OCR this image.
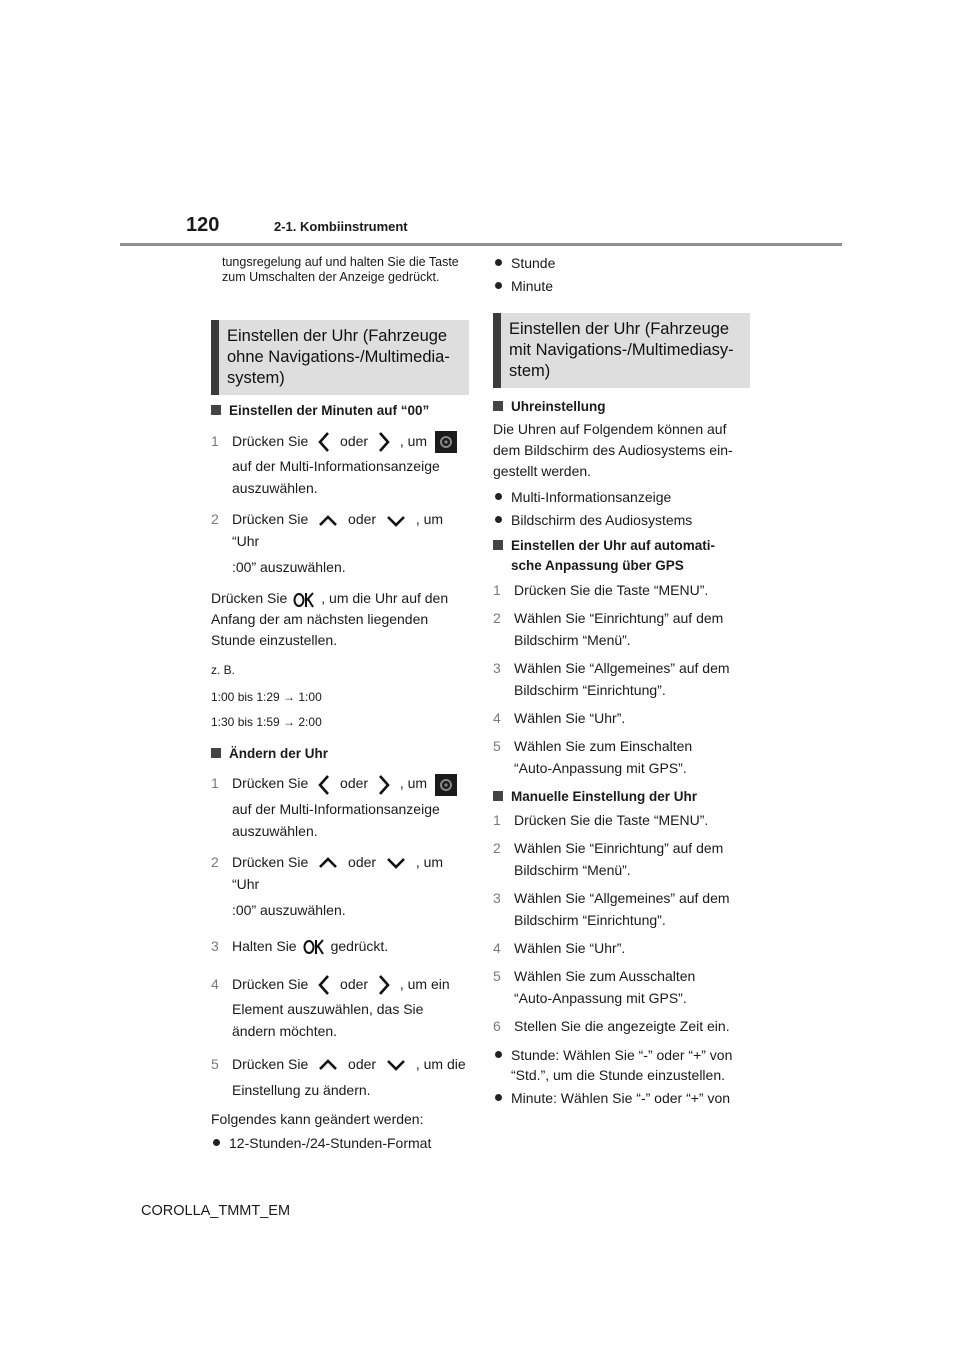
120	2-1. Kombiinstrument
tungsregelung auf und halten Sie die Taste zum Umschalten der Anzeige gedrückt.
Einstellen der Uhr (Fahrzeuge ohne Navigations-/Multimedia-system)
Einstellen der Minuten auf “00”
1 Drücken Sie oder , um
auf der Multi-Informationsanzeige
auszuwählen.
2 Drücken Sie	oder	, um “Uhr
:00” auszuwählen.
Drücken Sie , um die Uhr auf den
Anfang der am nächsten liegenden
Stunde einzustellen.
z. B.
1:00 bis 1:29 → 1:00
1:30 bis 1:59 → 2:00
Ändern der Uhr
1 Drücken Sie oder , um
auf der Multi-Informationsanzeige
auszuwählen.
2 Drücken Sie	oder	, um “Uhr
:00” auszuwählen.
3 Halten Sie gedrückt.
4 Drücken Sie oder , um ein
Element auszuwählen, das Sie
ändern möchten.
5 Drücken Sie	oder	, um die
Einstellung zu ändern.
Folgendes kann geändert werden:
12-Stunden-/24-Stunden-Format
Stunde
Minute
Einstellen der Uhr (Fahrzeuge mit Navigations-/Multimediasy-stem)
Uhreinstellung
Die Uhren auf Folgendem können auf dem Bildschirm des Audiosystems ein-gestellt werden.
Multi-Informationsanzeige
Bildschirm des Audiosystems
Einstellen der Uhr auf automati-
sche Anpassung über GPS
1 Drücken Sie die Taste “MENU”.
2 Wählen Sie “Einrichtung” auf dem
Bildschirm “Menü”.
3 Wählen Sie “Allgemeines” auf dem
Bildschirm “Einrichtung”.
4 Wählen Sie “Uhr”.
5 Wählen Sie zum Einschalten
“Auto-Anpassung mit GPS”.
Manuelle Einstellung der Uhr
1 Drücken Sie die Taste “MENU”.
2 Wählen Sie “Einrichtung” auf dem
Bildschirm “Menü”.
3 Wählen Sie “Allgemeines” auf dem
Bildschirm “Einrichtung”.
4 Wählen Sie “Uhr”.
5 Wählen Sie zum Ausschalten
“Auto-Anpassung mit GPS”.
6 Stellen Sie die angezeigte Zeit ein.
Stunde: Wählen Sie “-” oder “+” von “Std.”, um die Stunde einzustellen.
Minute: Wählen Sie “-” oder “+” von
COROLLA_TMMT_EM
